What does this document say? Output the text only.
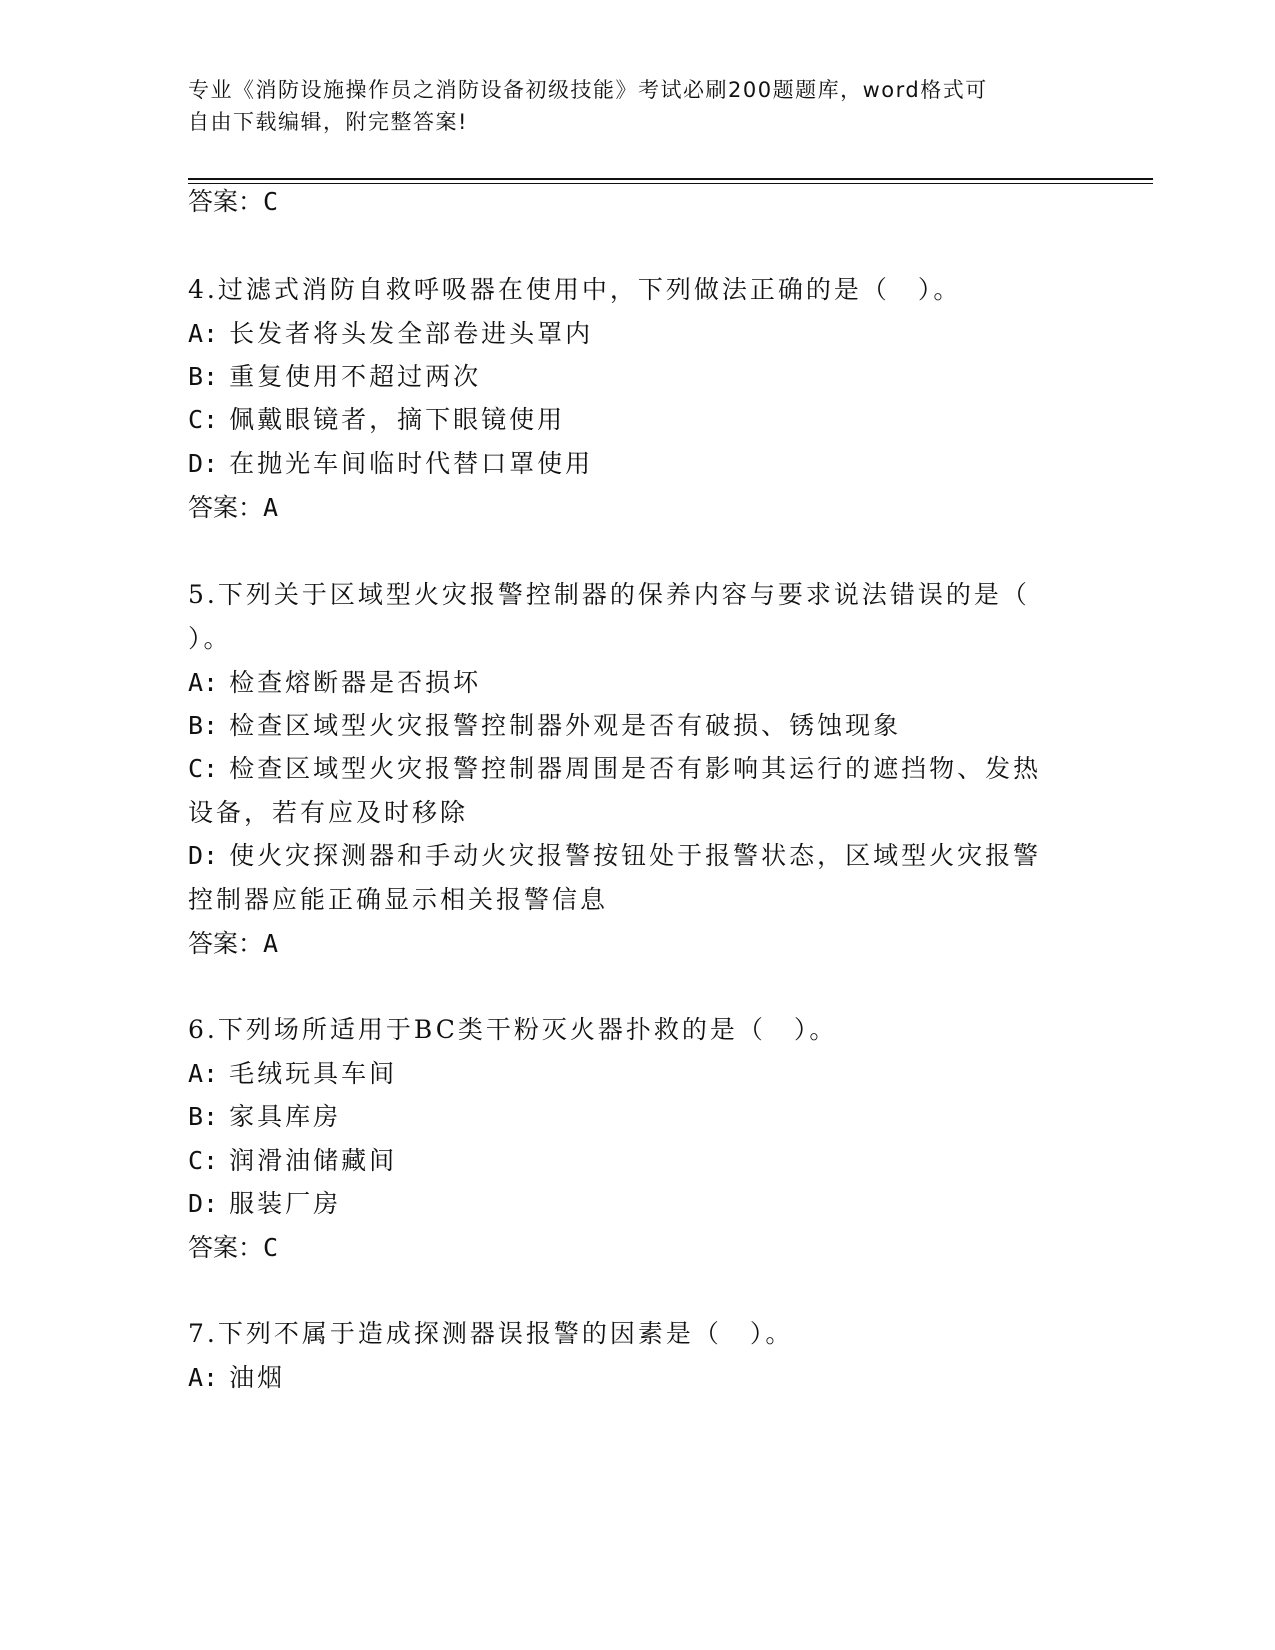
专业《消防设施操作员之消防设备初级技能》考试必刷200题题库，word格式可
自由下载编辑，附完整答案!
答案：C
4.过滤式消防自救呼吸器在使用中，下列做法正确的是（　）。
A: 长发者将头发全部卷进头罩内
B: 重复使用不超过两次
C: 佩戴眼镜者，摘下眼镜使用
D: 在抛光车间临时代替口罩使用
答案：A
5.下列关于区域型火灾报警控制器的保养内容与要求说法错误的是（
）。
A: 检查熔断器是否损坏
B: 检查区域型火灾报警控制器外观是否有破损、锈蚀现象
C: 检查区域型火灾报警控制器周围是否有影响其运行的遮挡物、发热
设备，若有应及时移除
D: 使火灾探测器和手动火灾报警按钮处于报警状态，区域型火灾报警
控制器应能正确显示相关报警信息
答案：A
6.下列场所适用于BC类干粉灭火器扑救的是（　）。
A: 毛绒玩具车间
B: 家具库房
C: 润滑油储藏间
D: 服装厂房
答案：C
7.下列不属于造成探测器误报警的因素是（　）。
A: 油烟
